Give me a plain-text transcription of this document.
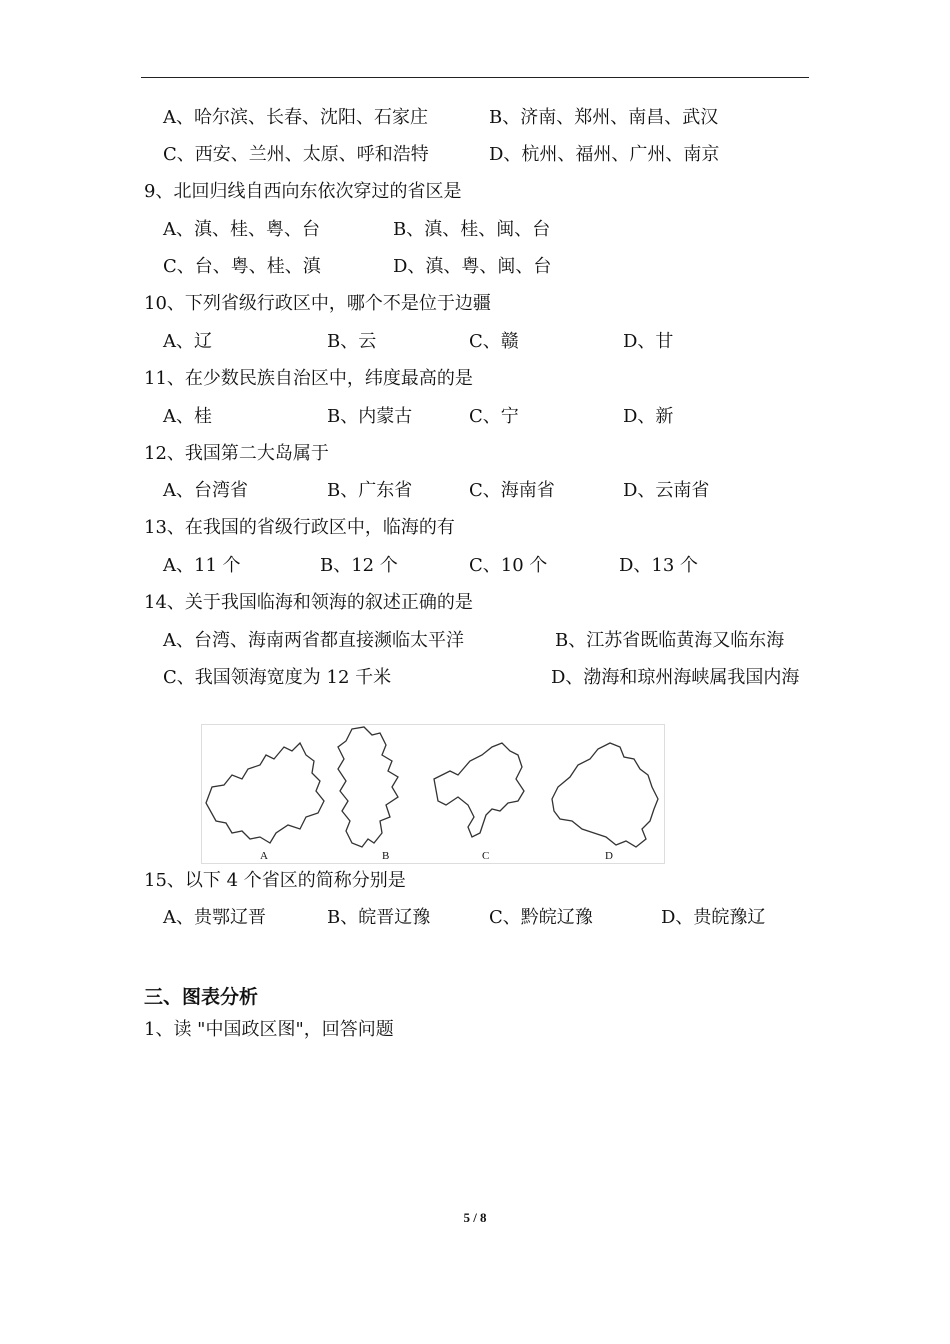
A、哈尔滨、长春、沈阳、石家庄	B、济南、郑州、南昌、武汉
C、西安、兰州、太原、呼和浩特	D、杭州、福州、广州、南京
9、北回归线自西向东依次穿过的省区是
A、滇、桂、粤、台	B、滇、桂、闽、台
C、台、粤、桂、滇	D、滇、粤、闽、台
10、下列省级行政区中，哪个不是位于边疆
A、辽	B、云	C、赣	D、甘
11、在少数民族自治区中，纬度最高的是
A、桂	B、内蒙古	C、宁	D、新
12、我国第二大岛属于
A、台湾省	B、广东省	C、海南省	D、云南省
13、在我国的省级行政区中，临海的有
A、11 个	B、12 个	C、10 个	D、13 个
14、关于我国临海和领海的叙述正确的是
A、台湾、海南两省都直接濒临太平洋	B、江苏省既临黄海又临东海
C、我国领海宽度为 12 千米	D、渤海和琼州海峡属我国内海
A	B	C	D
15、以下 4 个省区的简称分别是
A、贵鄂辽晋	B、皖晋辽豫	C、黔皖辽豫	D、贵皖豫辽
三、图表分析
1、读 "中国政区图"，回答问题
5 / 8
